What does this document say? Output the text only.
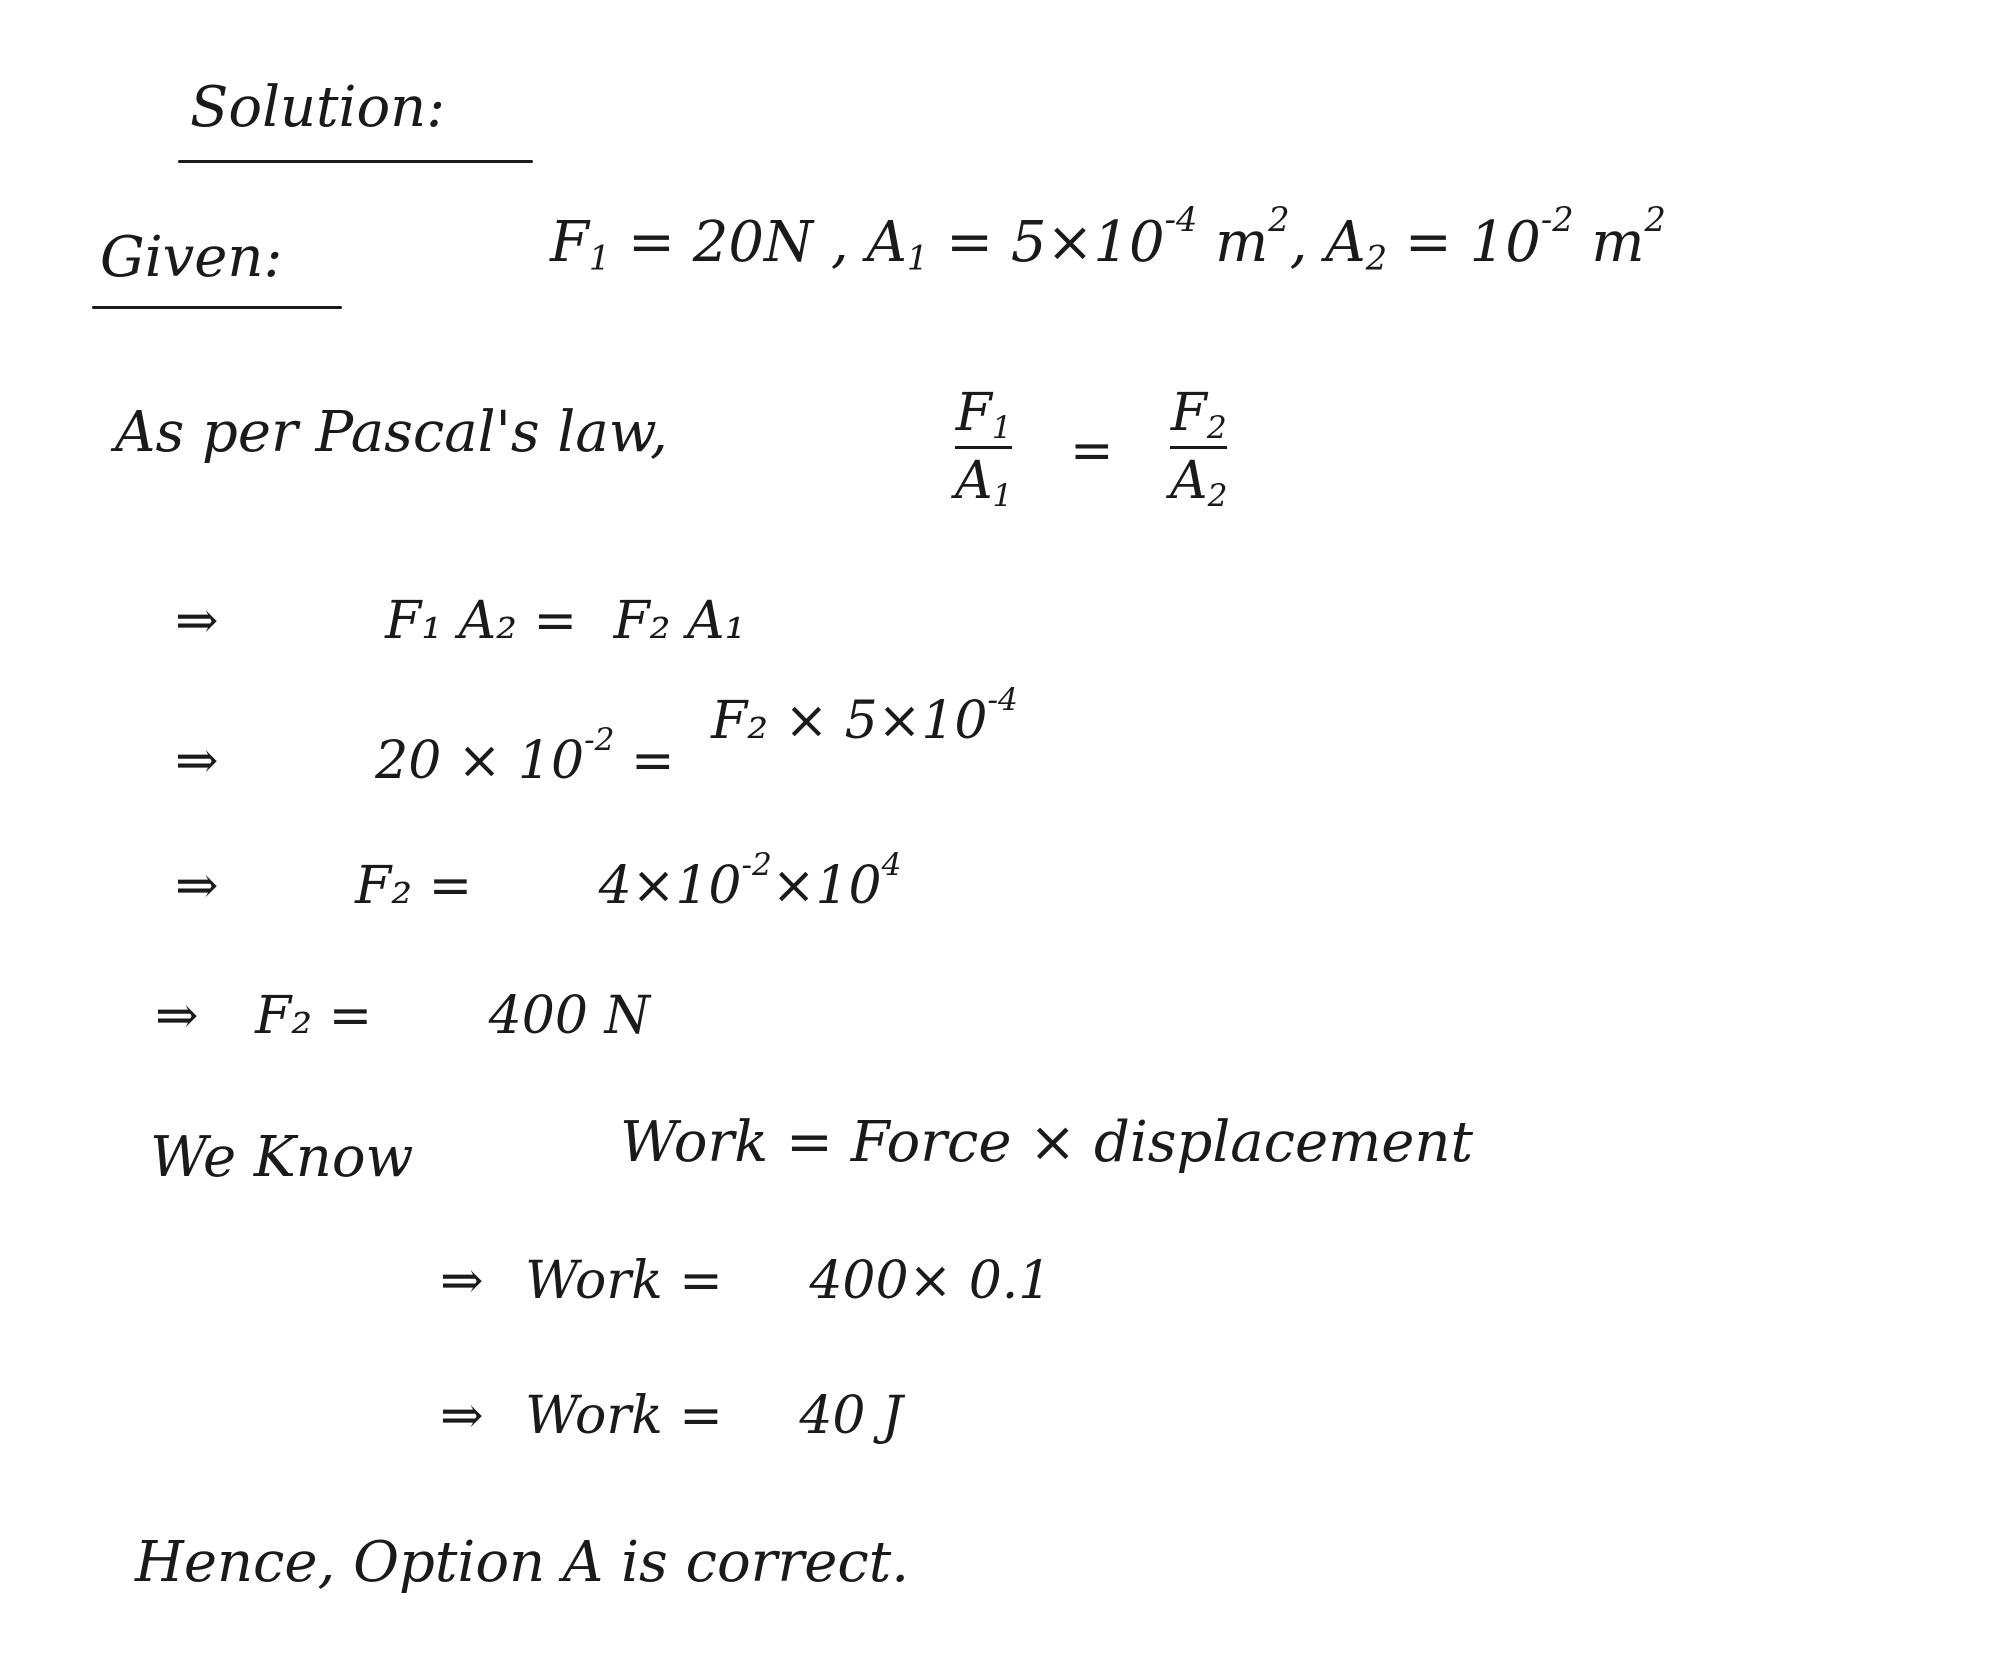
Solution:
Given:	$F_1 = 20N$ , $A_1 = 5\times 10^{-4}$ $m^2$, $A_2 = 10^{-2}$ $m^2$
As per Pascal's law,	$F_1$
$A_1$
=
$F_2$
$A_2$
⇒	F₁ A₂ = F₂ A₁
⇒	$20 \times 10^{-2} = F_2 \times 5\times 10^{-4}$
⇒	$F_2 = 4\times 10^{-2}\times 10^4$
⇒ F₂ = 400 N
We Know	Work = Force × displacement
⇒ Work = 400× 0.1
⇒ Work = 40 J
Hence, Option A is correct.
